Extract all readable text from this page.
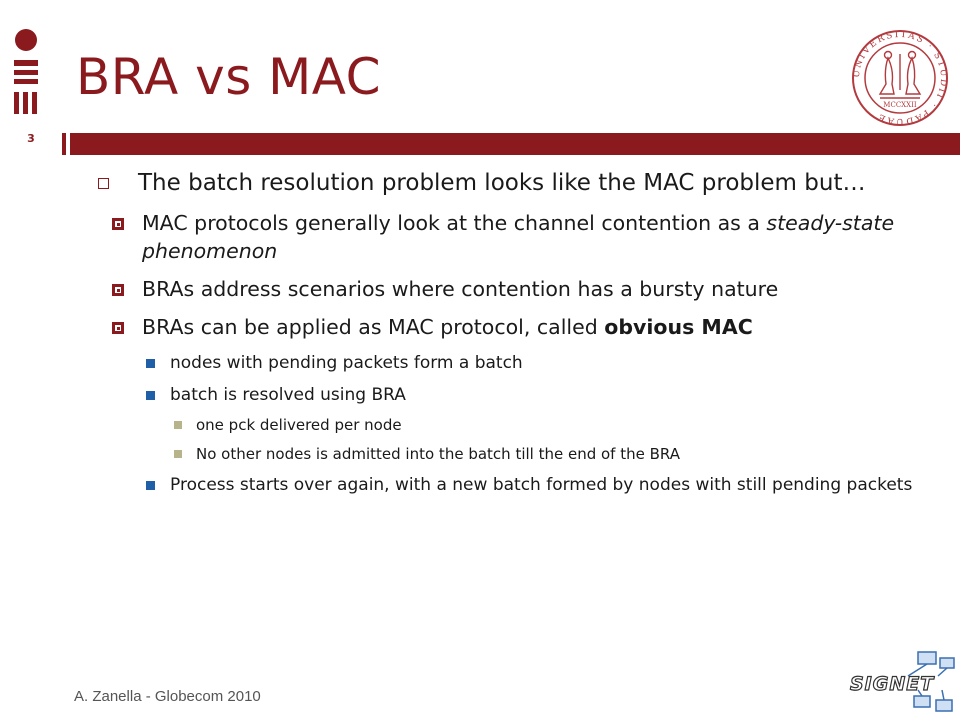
BRA vs MAC	UNIVERSITAS · STUDII · PADUAE
MCCXXII
3
The batch resolution problem looks like the MAC problem but…
MAC protocols generally look at the channel contention as a steady-state phenomenon
BRAs address scenarios where contention has a bursty nature
BRAs can be applied as MAC protocol, called obvious MAC
nodes with pending packets form a batch
batch is resolved using BRA
one pck delivered per node
No other nodes is admitted into the batch till the end of the BRA
Process starts over again, with a new batch formed by nodes with still pending packets
A. Zanella - Globecom 2010
SIGNET
